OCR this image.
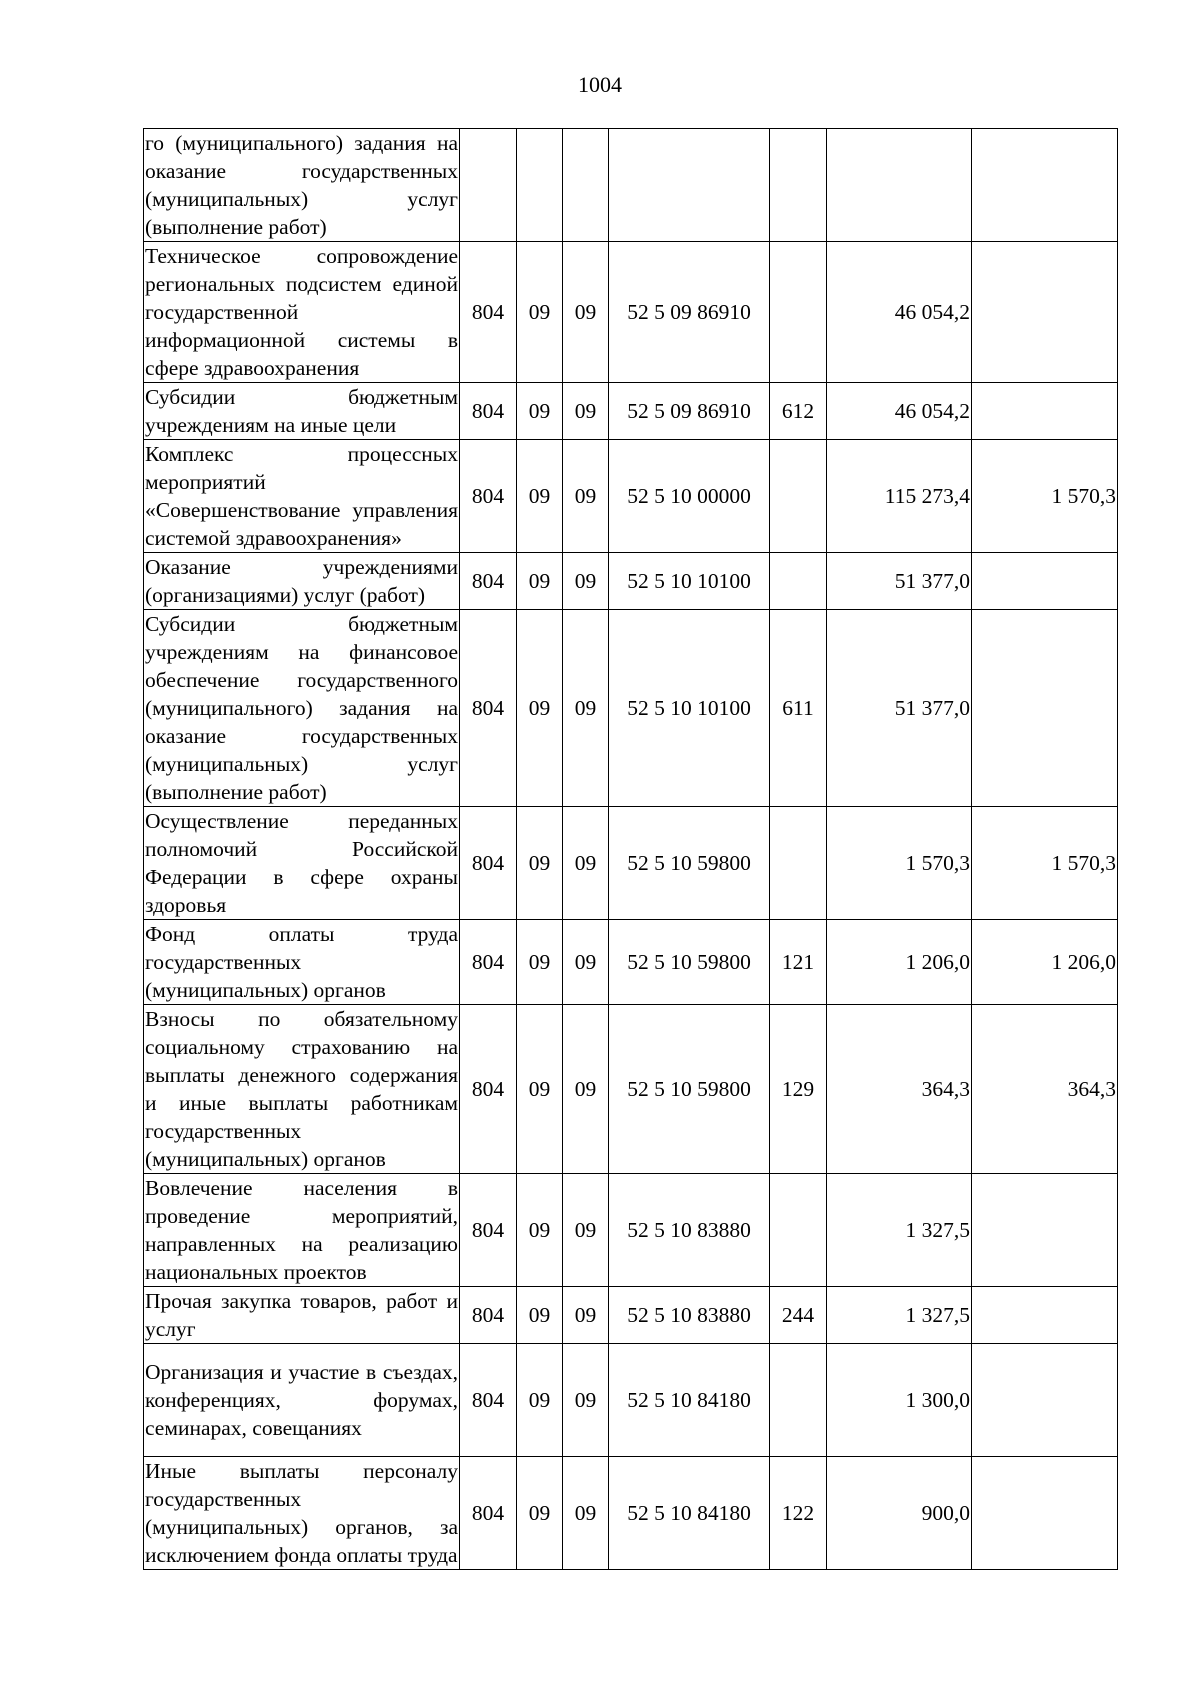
1004
го (муниципального) задания на оказание государственных (муниципальных) услуг (выполнение работ)							
Техническое сопровождение региональных подсистем единой государственной информационной системы в сфере здравоохранения	804	09	09	52 5 09 86910		46 054,2	
Субсидии бюджетным учреждениям на иные цели	804	09	09	52 5 09 86910	612	46 054,2	
Комплекс процессных мероприятий «Совершенствование управления системой здравоохранения»	804	09	09	52 5 10 00000		115 273,4	1 570,3
Оказание учреждениями (организациями) услуг (работ)	804	09	09	52 5 10 10100		51 377,0	
Субсидии бюджетным учреждениям на финансовое обеспечение государственного (муниципального) задания на оказание государственных (муниципальных) услуг (выполнение работ)	804	09	09	52 5 10 10100	611	51 377,0	
Осуществление переданных полномочий Российской Федерации в сфере охраны здоровья	804	09	09	52 5 10 59800		1 570,3	1 570,3
Фонд оплаты труда государственных (муниципальных) органов	804	09	09	52 5 10 59800	121	1 206,0	1 206,0
Взносы по обязательному социальному страхованию на выплаты денежного содержания и иные выплаты работникам государственных (муниципальных) органов	804	09	09	52 5 10 59800	129	364,3	364,3
Вовлечение населения в проведение мероприятий, направленных на реализацию национальных проектов	804	09	09	52 5 10 83880		1 327,5	
Прочая закупка товаров, работ и услуг	804	09	09	52 5 10 83880	244	1 327,5	
Организация и участие в съездах, конференциях, форумах, семинарах, совещаниях	804	09	09	52 5 10 84180		1 300,0	
Иные выплаты персоналу государственных (муниципальных) органов, за исключением фонда оплаты труда	804	09	09	52 5 10 84180	122	900,0	
